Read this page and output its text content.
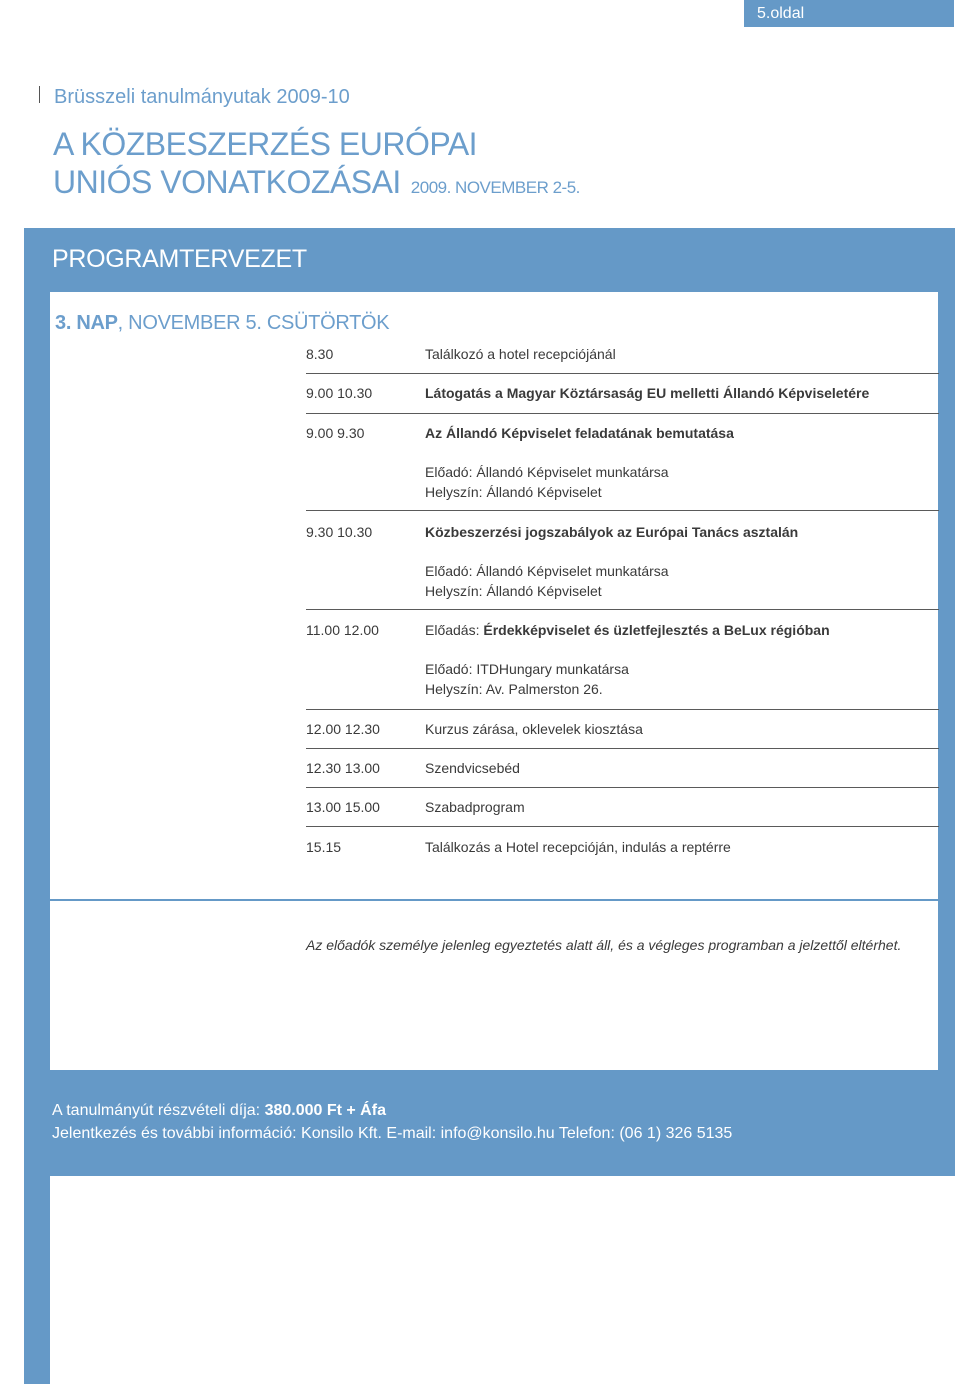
5.oldal
Brüsszeli tanulmányutak 2009-10
A KÖZBESZERZÉS EURÓPAI
UNIÓS VONATKOZÁSAI 2009. NOVEMBER 2-5.
PROGRAMTERVEZET
3. NAP, NOVEMBER 5. CSÜTÖRTÖK
8.30	Találkozó a hotel recepciójánál
9.00 10.30	Látogatás a Magyar Köztársaság EU melletti Állandó Képviseletére
9.00 9.30	Az Állandó Képviselet feladatának bemutatása
Előadó: Állandó Képviselet munkatársa
Helyszín: Állandó Képviselet
9.30 10.30	Közbeszerzési jogszabályok az Európai Tanács asztalán
Előadó: Állandó Képviselet munkatársa
Helyszín: Állandó Képviselet
11.00 12.00	Előadás: Érdekképviselet és üzletfejlesztés a BeLux régióban
Előadó: ITDHungary munkatársa
Helyszín: Av. Palmerston 26.
12.00 12.30	Kurzus zárása, oklevelek kiosztása
12.30 13.00	Szendvicsebéd
13.00 15.00	Szabadprogram
15.15	Találkozás a Hotel recepcióján, indulás a reptérre
Az előadók személye jelenleg egyeztetés alatt áll, és a végleges programban a jelzettől eltérhet.
A tanulmányút részvételi díja: 380.000 Ft + Áfa
Jelentkezés és további információ: Konsilo Kft. E-mail: info@konsilo.hu Telefon: (06 1) 326 5135
